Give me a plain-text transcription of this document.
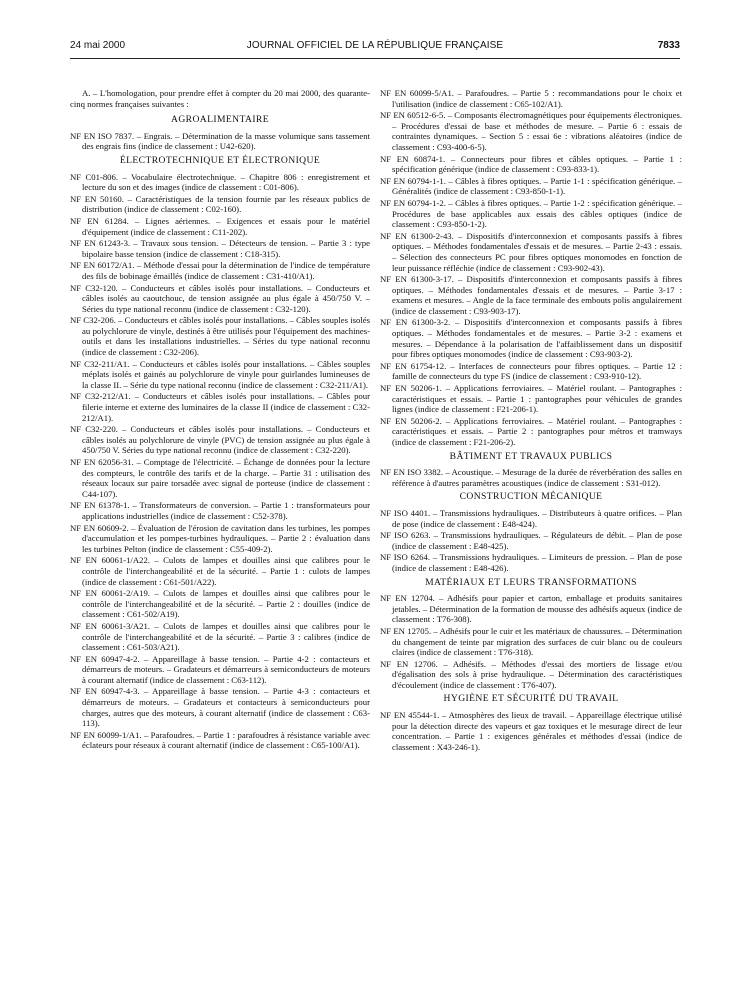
24 mai 2000	JOURNAL OFFICIEL DE LA RÉPUBLIQUE FRANÇAISE	7833

A. – L'homologation, pour prendre effet à compter du 20 mai 2000, des quarante-cinq normes françaises suivantes :

AGROALIMENTAIRE

NF EN ISO 7837. – Engrais. – Détermination de la masse volumique sans tassement des engrais fins (indice de classement : U42-620).

ÉLECTROTECHNIQUE ET ÉLECTRONIQUE

NF C01-806. – Vocabulaire électrotechnique. – Chapitre 806 : enregistrement et lecture du son et des images (indice de classement : C01-806).

NF EN 50160. – Caractéristiques de la tension fournie par les réseaux publics de distribution (indice de classement : C02-160).

NF EN 61284. – Lignes aériennes. – Exigences et essais pour le matériel d'équipement (indice de classement : C11-202).

NF EN 61243-3. – Travaux sous tension. – Détecteurs de tension. – Partie 3 : type bipolaire basse tension (indice de classement : C18-315).

NF EN 60172/A1. – Méthode d'essai pour la détermination de l'indice de température des fils de bobinage émaillés (indice de classement : C31-410/A1).

NF C32-120. – Conducteurs et câbles isolés pour installations. – Conducteurs et câbles isolés au caoutchouc, de tension assignée au plus égale à 450/750 V. – Séries du type national reconnu (indice de classement : C32-120).

NF C32-206. – Conducteurs et câbles isolés pour installations. – Câbles souples isolés au polychlorure de vinyle, destinés à être utilisés pour l'équipement des machines-outils et dans les installations industrielles. – Séries du type national reconnu (indice de classement : C32-206).

NF C32-211/A1. – Conducteurs et câbles isolés pour installations. – Câbles souples méplats isolés et gainés au polychlorure de vinyle pour guirlandes lumineuses de la classe II. – Série du type national reconnu (indice de classement : C32-211/A1).

NF C32-212/A1. – Conducteurs et câbles isolés pour installations. – Câbles pour filerie interne et externe des luminaires de la classe II (indice de classement : C32-212/A1).

NF C32-220. – Conducteurs et câbles isolés pour installations. – Conducteurs et câbles isolés au polychlorure de vinyle (PVC) de tension assignée au plus égale à 450/750 V. Séries du type national reconnu (indice de classement : C32-220).

NF EN 62056-31. – Comptage de l'électricité. – Échange de données pour la lecture des compteurs, le contrôle des tarifs et de la charge. – Partie 31 : utilisation des réseaux locaux sur paire torsadée avec signal de porteuse (indice de classement : C44-107).

NF EN 61378-1. – Transformateurs de conversion. – Partie 1 : transformateurs pour applications industrielles (indice de classement : C52-378).

NF EN 60609-2. – Évaluation de l'érosion de cavitation dans les turbines, les pompes d'accumulation et les pompes-turbines hydrauliques. – Partie 2 : évaluation dans les turbines Pelton (indice de classement : C55-409-2).

NF EN 60061-1/A22. – Culots de lampes et douilles ainsi que calibres pour le contrôle de l'interchangeabilité et de la sécurité. – Partie 1 : culots de lampes (indice de classement : C61-501/A22).

NF EN 60061-2/A19. – Culots de lampes et douilles ainsi que calibres pour le contrôle de l'interchangeabilité et de la sécurité. – Partie 2 : douilles (indice de classement : C61-502/A19).

NF EN 60061-3/A21. – Culots de lampes et douilles ainsi que calibres pour le contrôle de l'interchangeabilité et de la sécurité. – Partie 3 : calibres (indice de classement : C61-503/A21).

NF EN 60947-4-2. – Appareillage à basse tension. – Partie 4-2 : contacteurs et démarreurs de moteurs. – Gradateurs et démarreurs à semiconducteurs de moteurs à courant alternatif (indice de classement : C63-112).

NF EN 60947-4-3. – Appareillage à basse tension. – Partie 4-3 : contacteurs et démarreurs de moteurs. – Gradateurs et contacteurs à semiconducteurs pour charges, autres que des moteurs, à courant alternatif (indice de classement : C63-113).

NF EN 60099-1/A1. – Parafoudres. – Partie 1 : parafoudres à résistance variable avec éclateurs pour réseaux à courant alternatif (indice de classement : C65-100/A1).

NF EN 60099-5/A1. – Parafoudres. – Partie 5 : recommandations pour le choix et l'utilisation (indice de classement : C65-102/A1).

NF EN 60512-6-5. – Composants électromagnétiques pour équipements électroniques. – Procédures d'essai de base et méthodes de mesure. – Partie 6 : essais de contraintes dynamiques. – Section 5 : essai 6e : vibrations aléatoires (indice de classement : C93-400-6-5).

NF EN 60874-1. – Connecteurs pour fibres et câbles optiques. – Partie 1 : spécification générique (indice de classement : C93-833-1).

NF EN 60794-1-1. – Câbles à fibres optiques. – Partie 1-1 : spécification générique. – Généralités (indice de classement : C93-850-1-1).

NF EN 60794-1-2. – Câbles à fibres optiques. – Partie 1-2 : spécification générique. – Procédures de base applicables aux essais des câbles optiques (indice de classement : C93-850-1-2).

NF EN 61300-2-43. – Dispositifs d'interconnexion et composants passifs à fibres optiques. – Méthodes fondamentales d'essais et de mesures. – Partie 2-43 : essais. – Sélection des connecteurs PC pour fibres optiques monomodes en fonction de leur puissance réfléchie (indice de classement : C93-902-43).

NF EN 61300-3-17. – Dispositifs d'interconnexion et composants passifs à fibres optiques. – Méthodes fondamentales d'essais et de mesures. – Partie 3-17 : examens et mesures. – Angle de la face terminale des embouts polis angulairement (indice de classement : C93-903-17).

NF EN 61300-3-2. – Dispositifs d'interconnexion et composants passifs à fibres optiques. – Méthodes fondamentales et de mesures. – Partie 3-2 : examens et mesures. – Dépendance à la polarisation de l'affaiblissement dans un dispositif pour fibres optiques monomodes (indice de classement : C93-903-2).

NF EN 61754-12. – Interfaces de connecteurs pour fibres optiques. – Partie 12 : famille de connecteurs du type FS (indice de classement : C93-910-12).

NF EN 50206-1. – Applications ferroviaires. – Matériel roulant. – Pantographes : caractéristiques et essais. – Partie 1 : pantographes pour véhicules de grandes lignes (indice de classement : F21-206-1).

NF EN 50206-2. – Applications ferroviaires. – Matériel roulant. – Pantographes : caractéristiques et essais. – Partie 2 : pantographes pour métros et tramways (indice de classement : F21-206-2).

BÂTIMENT ET TRAVAUX PUBLICS

NF EN ISO 3382. – Acoustique. – Mesurage de la durée de réverbération des salles en référence à d'autres paramètres acoustiques (indice de classement : S31-012).

CONSTRUCTION MÉCANIQUE

NF ISO 4401. – Transmissions hydrauliques. – Distributeurs à quatre orifices. – Plan de pose (indice de classement : E48-424).

NF ISO 6263. – Transmissions hydrauliques. – Régulateurs de débit. – Plan de pose (indice de classement : E48-425).

NF ISO 6264. – Transmissions hydrauliques. – Limiteurs de pression. – Plan de pose (indice de classement : E48-426).

MATÉRIAUX ET LEURS TRANSFORMATIONS

NF EN 12704. – Adhésifs pour papier et carton, emballage et produits sanitaires jetables. – Détermination de la formation de mousse des adhésifs aqueux (indice de classement : T76-308).

NF EN 12705. – Adhésifs pour le cuir et les matériaux de chaussures. – Détermination du changement de teinte par migration des surfaces de cuir blanc ou de couleurs claires (indice de classement : T76-318).

NF EN 12706. – Adhésifs. – Méthodes d'essai des mortiers de lissage et/ou d'égalisation des sols à prise hydraulique. – Détermination des caractéristiques d'écoulement (indice de classement : T76-407).

HYGIÈNE ET SÉCURITÉ DU TRAVAIL

NF EN 45544-1. – Atmosphères des lieux de travail. – Appareillage électrique utilisé pour la détection directe des vapeurs et gaz toxiques et le mesurage direct de leur concentration. – Partie 1 : exigences générales et méthodes d'essai (indice de classement : X43-246-1).
